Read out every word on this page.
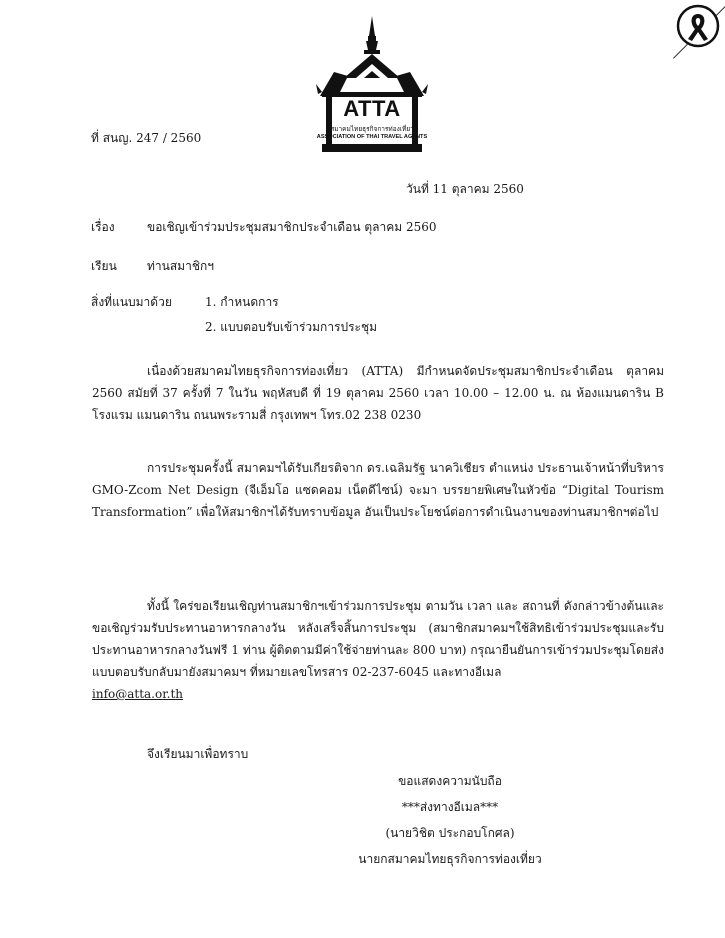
ATTA
สมาคมไทยธุรกิจการท่องเที่ยว
ASSOCIATION OF THAI TRAVEL AGENTS
ที่ สนญ. 247 / 2560
วันที่ 11 ตุลาคม 2560
เรื่อง	ขอเชิญเข้าร่วมประชุมสมาชิกประจำเดือน ตุลาคม 2560
เรียน	ท่านสมาชิกฯ
สิ่งที่แนบมาด้วย	1. กำหนดการ
2. แบบตอบรับเข้าร่วมการประชุม
เนื่องด้วยสมาคมไทยธุรกิจการท่องเที่ยว (ATTA) มีกำหนดจัดประชุมสมาชิกประจำเดือน ตุลาคม 2560 สมัยที่ 37 ครั้งที่ 7 ในวัน พฤหัสบดี ที่ 19 ตุลาคม 2560 เวลา 10.00 – 12.00 น. ณ ห้องแมนดาริน B โรงแรม แมนดาริน ถนนพระรามสี่ กรุงเทพฯ โทร.02 238 0230
การประชุมครั้งนี้ สมาคมฯได้รับเกียรติจาก ดร.เฉลิมรัฐ นาควิเชียร ตำแหน่ง ประธานเจ้าหน้าที่บริหาร GMO-Zcom Net Design (จีเอ็มโอ แซดคอม เน็ตดีไซน์) จะมา บรรยายพิเศษในหัวข้อ “Digital Tourism Transformation” เพื่อให้สมาชิกฯได้รับทราบข้อมูล อันเป็นประโยชน์ต่อการดำเนินงานของท่านสมาชิกฯต่อไป
ทั้งนี้ ใคร่ขอเรียนเชิญท่านสมาชิกฯเข้าร่วมการประชุม ตามวัน เวลา และ สถานที่ ดังกล่าวข้างต้นและขอเชิญร่วมรับประทานอาหารกลางวัน หลังเสร็จสิ้นการประชุม (สมาชิกสมาคมฯใช้สิทธิเข้าร่วมประชุมและรับประทานอาหารกลางวันฟรี 1 ท่าน ผู้ติดตามมีค่าใช้จ่ายท่านละ 800 บาท) กรุณายืนยันการเข้าร่วมประชุมโดยส่งแบบตอบรับกลับมายังสมาคมฯ ที่หมายเลขโทรสาร 02-237-6045 และทางอีเมล
info@atta.or.th
จึงเรียนมาเพื่อทราบ
ขอแสดงความนับถือ
***ส่งทางอีเมล***
(นายวิชิต ประกอบโกศล)
นายกสมาคมไทยธุรกิจการท่องเที่ยว
